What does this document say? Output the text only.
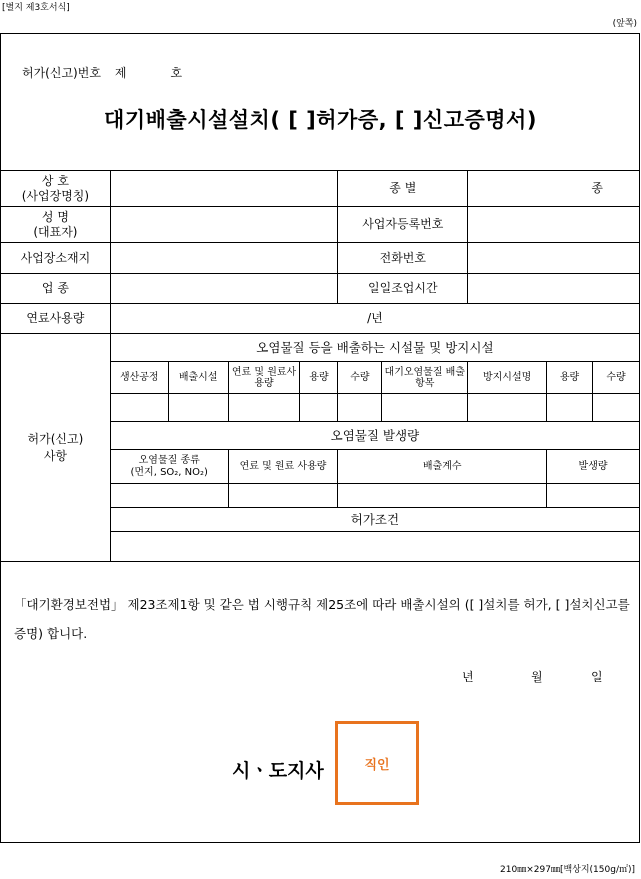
[별지 제3호서식]
(앞쪽)
허가(신고)번호 제	호
대기배출시설설치( [ ]허가증, [ ]신고증명서)
상 호
(사업장명칭)					종 별		종		

성 명
(대표자)					사업자등록번호				
사업장소재지					전화번호				
업 종					일일조업시간				
연료사용량	/년								

허가(신고)
사항	오염물질 등을 배출하는 시설물 및 방지시설								
	생산공정	배출시설	연료 및 원료사용량	용량	수량	대기오염물질 배출항목	방지시설명	용량	수량

	오염물질 발생량								

	오염물질 종류
(먼지, SO₂, NO₂)		연료 및 원료 사용량		배출계수			발생량	

	허가조건								

「대기환경보전법」 제23조제1항 및 같은 법 시행규칙 제25조에 따라 배출시설의 ([ ]설치를 허가, [ ]설치신고를 증명) 합니다.
년	월	일
시ㆍ도지사	직인
210㎜×297㎜[백상지(150g/㎡)]
